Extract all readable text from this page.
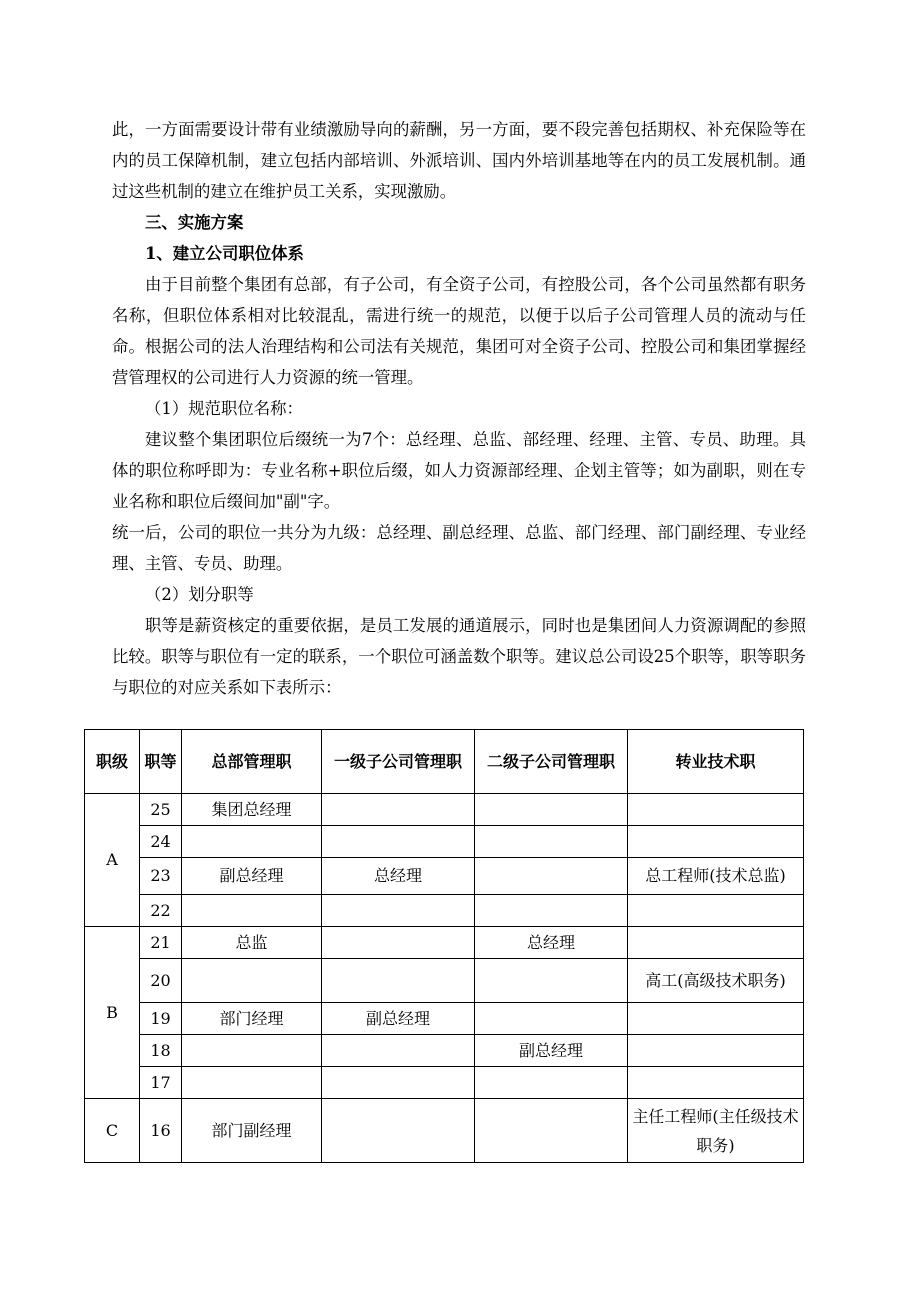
此，一方面需要设计带有业绩激励导向的薪酬，另一方面，要不段完善包括期权、补充保险等在内的员工保障机制，建立包括内部培训、外派培训、国内外培训基地等在内的员工发展机制。通过这些机制的建立在维护员工关系，实现激励。

三、实施方案

1、建立公司职位体系

由于目前整个集团有总部，有子公司，有全资子公司，有控股公司，各个公司虽然都有职务名称，但职位体系相对比较混乱，需进行统一的规范，以便于以后子公司管理人员的流动与任命。根据公司的法人治理结构和公司法有关规范，集团可对全资子公司、控股公司和集团掌握经营管理权的公司进行人力资源的统一管理。

（1）规范职位名称：

建议整个集团职位后缀统一为7个：总经理、总监、部经理、经理、主管、专员、助理。具体的职位称呼即为：专业名称+职位后缀，如人力资源部经理、企划主管等；如为副职，则在专业名称和职位后缀间加"副"字。

统一后，公司的职位一共分为九级：总经理、副总经理、总监、部门经理、部门副经理、专业经理、主管、专员、助理。

（2）划分职等

职等是薪资核定的重要依据，是员工发展的通道展示，同时也是集团间人力资源调配的参照比较。职等与职位有一定的联系，一个职位可涵盖数个职等。建议总公司设25个职等，职等职务与职位的对应关系如下表所示：

职级	职等	总部管理职	一级子公司管理职	二级子公司管理职	转业技术职
A	25	集团总经理			
	24				
	23	副总经理	总经理		总工程师(技术总监)
	22				
B	21	总监		总经理	
	20				高工(高级技术职务)
	19	部门经理	副总经理		
	18			副总经理	
	17				
C	16	部门副经理			主任工程师(主任级技术职务)
